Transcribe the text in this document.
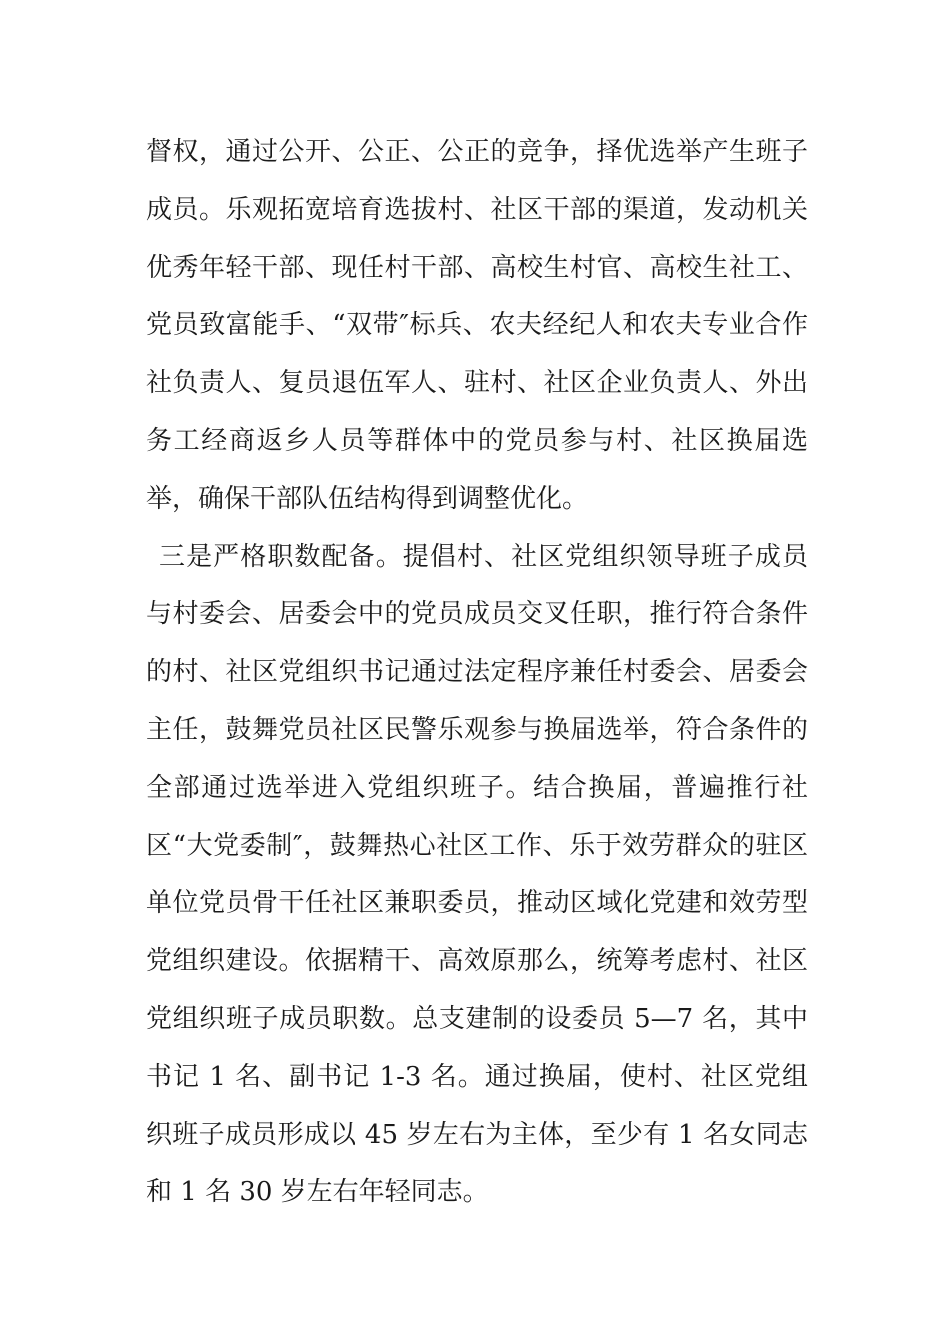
督权，通过公开、公正、公正的竞争，择优选举产生班子成员。乐观拓宽培育选拔村、社区干部的渠道，发动机关优秀年轻干部、现任村干部、高校生村官、高校生社工、党员致富能手、“双带″标兵、农夫经纪人和农夫专业合作社负责人、复员退伍军人、驻村、社区企业负责人、外出务工经商返乡人员等群体中的党员参与村、社区换届选举，确保干部队伍结构得到调整优化。

三是严格职数配备。提倡村、社区党组织领导班子成员与村委会、居委会中的党员成员交叉任职，推行符合条件的村、社区党组织书记通过法定程序兼任村委会、居委会主任，鼓舞党员社区民警乐观参与换届选举，符合条件的全部通过选举进入党组织班子。结合换届，普遍推行社区“大党委制″，鼓舞热心社区工作、乐于效劳群众的驻区单位党员骨干任社区兼职委员，推动区域化党建和效劳型党组织建设。依据精干、高效原那么，统筹考虑村、社区党组织班子成员职数。总支建制的设委员 5—7 名，其中书记 1 名、副书记 1-3 名。通过换届，使村、社区党组织班子成员形成以 45 岁左右为主体，至少有 1 名女同志和 1 名 30 岁左右年轻同志。
